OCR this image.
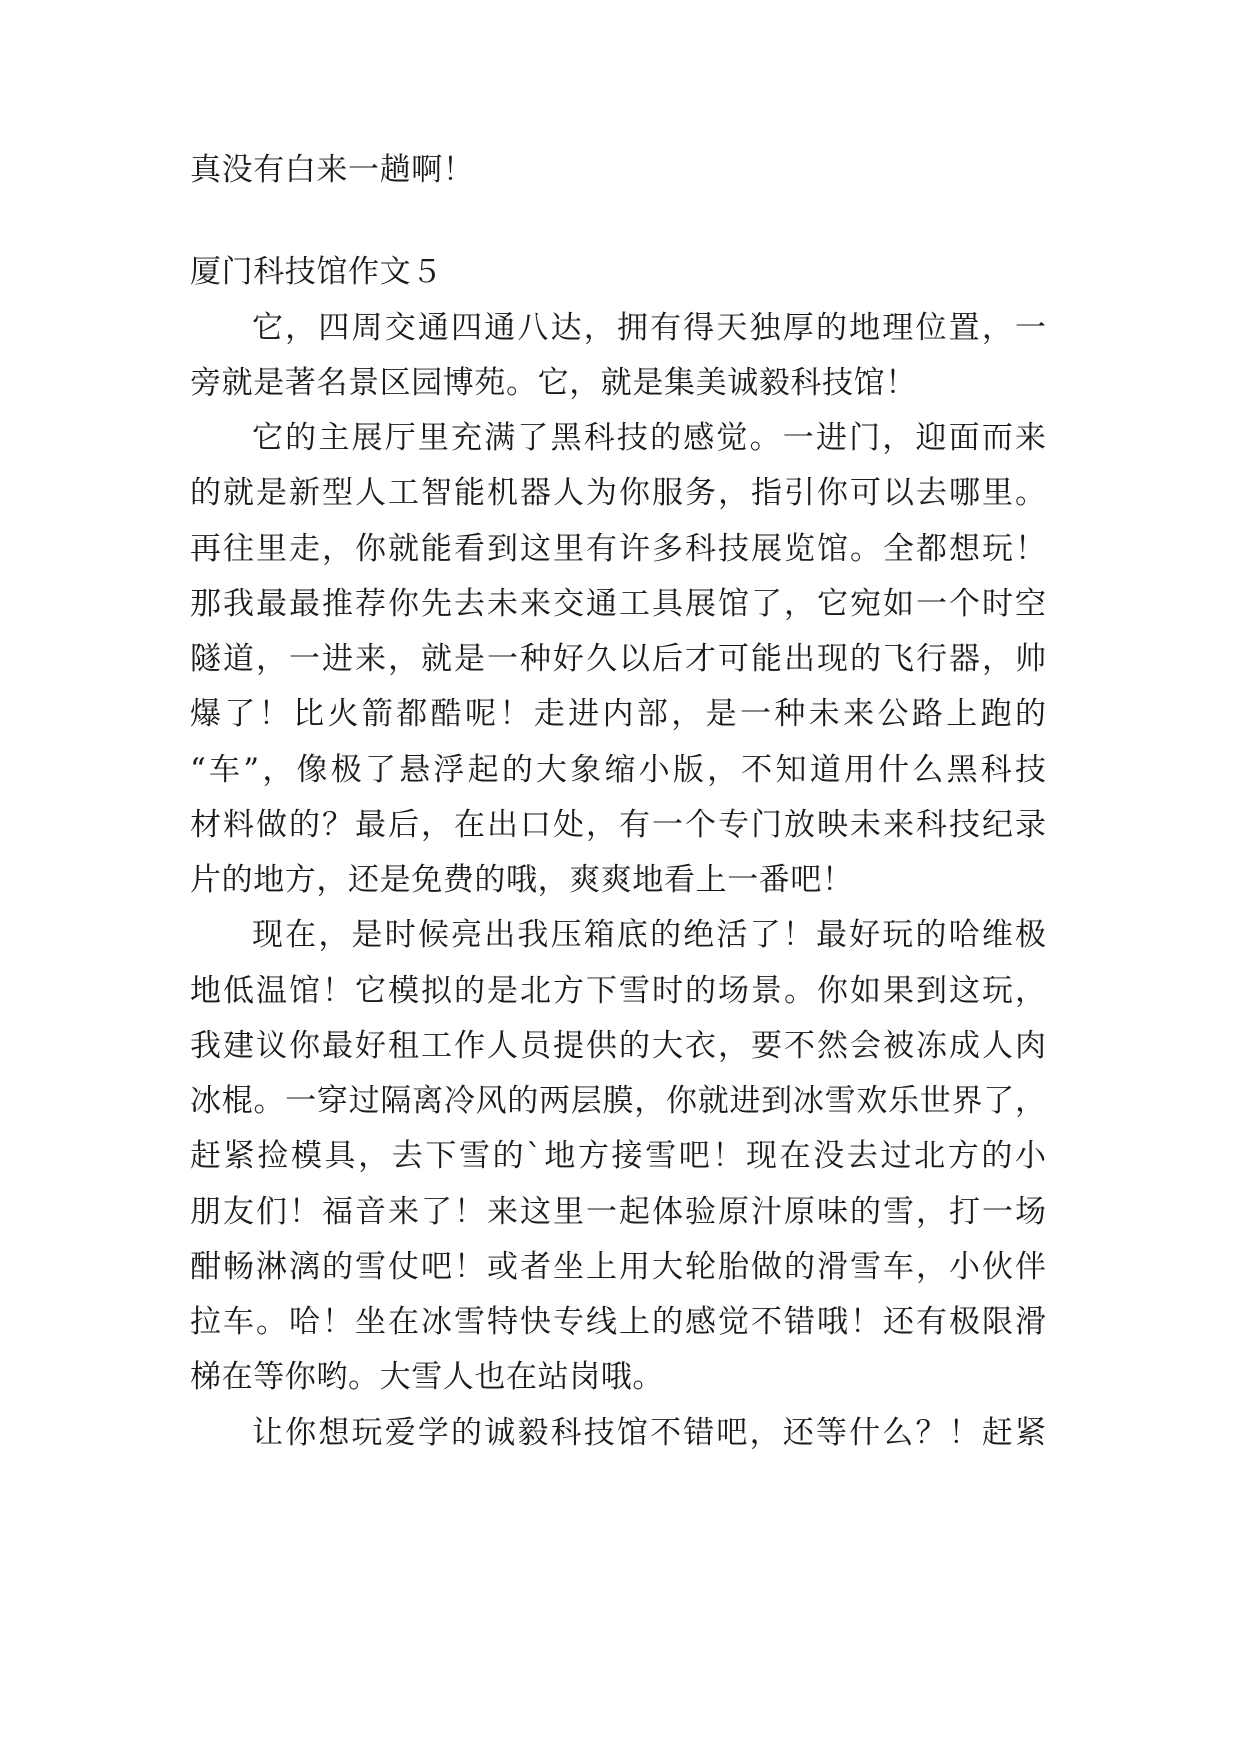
真没有白来一趟啊！
厦门科技馆作文５
它，四周交通四通八达，拥有得天独厚的地理位置，一
旁就是著名景区园博苑。它，就是集美诚毅科技馆！
它的主展厅里充满了黑科技的感觉。一进门，迎面而来
的就是新型人工智能机器人为你服务，指引你可以去哪里。
再往里走，你就能看到这里有许多科技展览馆。全都想玩！
那我最最推荐你先去未来交通工具展馆了，它宛如一个时空
隧道，一进来，就是一种好久以后才可能出现的飞行器，帅
爆了！比火箭都酷呢！走进内部，是一种未来公路上跑的
“车”，像极了悬浮起的大象缩小版，不知道用什么黑科技
材料做的？最后，在出口处，有一个专门放映未来科技纪录
片的地方，还是免费的哦，爽爽地看上一番吧！
现在，是时候亮出我压箱底的绝活了！最好玩的哈维极
地低温馆！它模拟的是北方下雪时的场景。你如果到这玩，
我建议你最好租工作人员提供的大衣，要不然会被冻成人肉
冰棍。一穿过隔离冷风的两层膜，你就进到冰雪欢乐世界了，
赶紧捡模具，去下雪的`地方接雪吧！现在没去过北方的小
朋友们！福音来了！来这里一起体验原汁原味的雪，打一场
酣畅淋漓的雪仗吧！或者坐上用大轮胎做的滑雪车，小伙伴
拉车。哈！坐在冰雪特快专线上的感觉不错哦！还有极限滑
梯在等你哟。大雪人也在站岗哦。
让你想玩爱学的诚毅科技馆不错吧，还等什么？！赶紧
